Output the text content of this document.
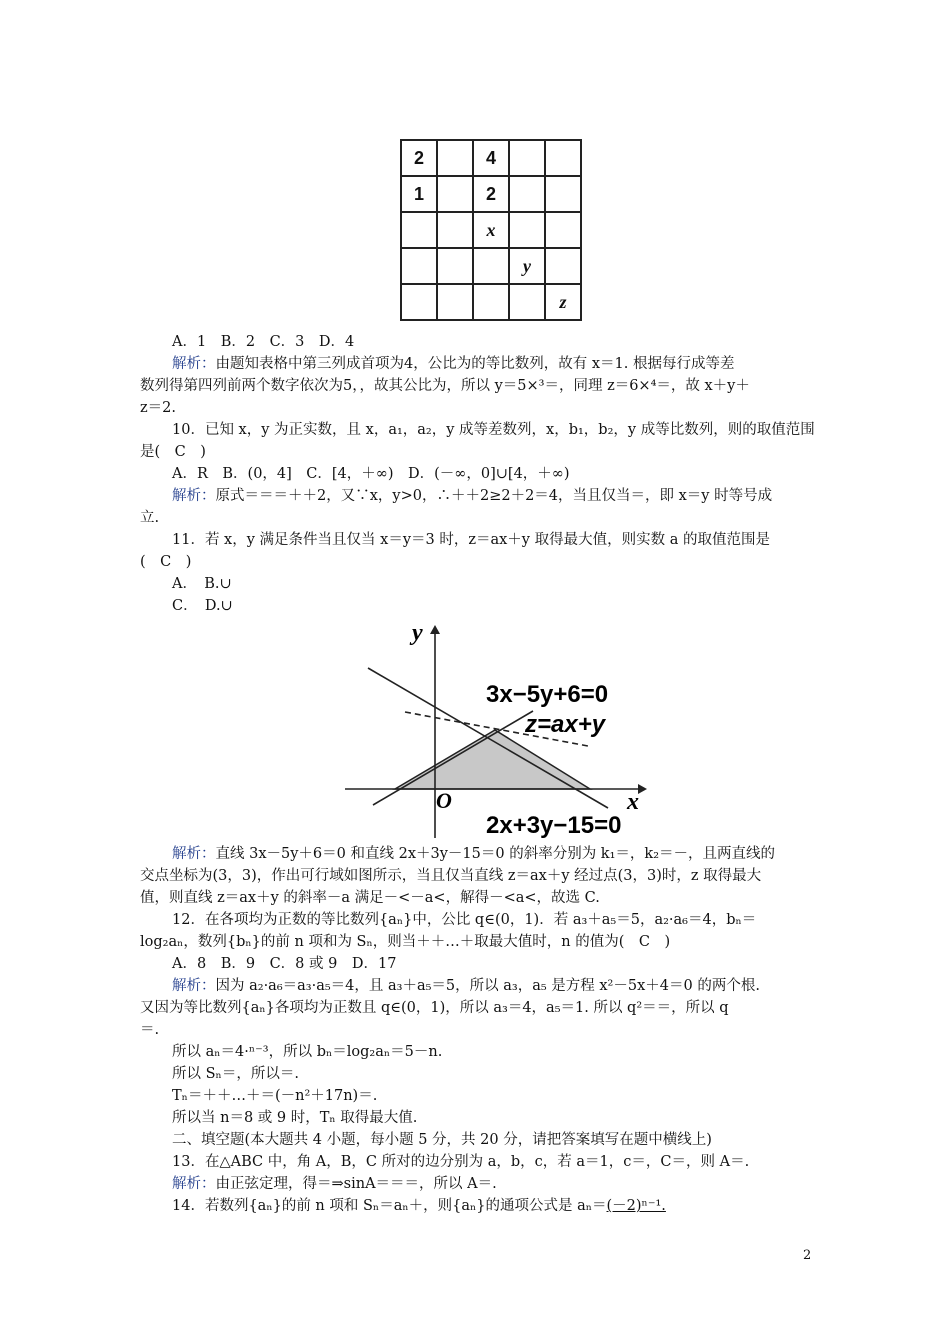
2		4		
1		2		
		x		
			y	
				z
A．1　B．2　C．3　D．4
解析：由题知表格中第三列成首项为4，公比为的等比数列，故有 x＝1. 根据每行成等差
数列得第四列前两个数字依次为5，，故其公比为，所以 y＝5×³＝，同理 z＝6×⁴＝，故 x＋y＋
z＝2.
10．已知 x，y 为正实数，且 x，a₁，a₂，y 成等差数列，x，b₁，b₂，y 成等比数列，则的取值范围
是(　C　)
A．R　B．(0，4]　C．[4，＋∞)　D．(－∞，0]∪[4，＋∞)
解析：原式＝＝＝＋＋2，又∵x，y>0，∴＋＋2≥2＋2＝4，当且仅当＝，即 x＝y 时等号成
立.
11．若 x，y 满足条件当且仅当 x＝y＝3 时，z＝ax＋y 取得最大值，则实数 a 的取值范围是
(　C　)
A．　B.∪
C．　D.∪
y
x
O
3x−5y+6=0
z=ax+y
2x+3y−15=0
解析：直线 3x－5y＋6＝0 和直线 2x＋3y－15＝0 的斜率分别为 k₁＝，k₂＝－，且两直线的
交点坐标为(3，3)，作出可行域如图所示，当且仅当直线 z＝ax＋y 经过点(3，3)时，z 取得最大
值，则直线 z＝ax＋y 的斜率－a 满足－<－a<，解得－<a<，故选 C.
12．在各项均为正数的等比数列{aₙ}中，公比 q∈(0，1)．若 a₃＋a₅＝5，a₂·a₆＝4，bₙ＝
log₂aₙ，数列{bₙ}的前 n 项和为 Sₙ，则当＋＋…＋取最大值时，n 的值为(　C　)
A．8　B．9　C．8 或 9　D．17
解析：因为 a₂·a₆＝a₃·a₅＝4，且 a₃＋a₅＝5，所以 a₃，a₅ 是方程 x²－5x＋4＝0 的两个根.
又因为等比数列{aₙ}各项均为正数且 q∈(0，1)，所以 a₃＝4，a₅＝1. 所以 q²＝＝，所以 q
＝.
所以 aₙ＝4·ⁿ⁻³，所以 bₙ＝log₂aₙ＝5－n.
所以 Sₙ＝，所以＝.
Tₙ＝＋＋…＋＝(－n²＋17n)＝.
所以当 n＝8 或 9 时，Tₙ 取得最大值.
二、填空题(本大题共 4 小题，每小题 5 分，共 20 分，请把答案填写在题中横线上)
13．在△ABC 中，角 A，B，C 所对的边分别为 a，b，c，若 a＝1，c＝，C＝，则 A＝.
解析：由正弦定理，得＝⇒sinA＝＝＝，所以 A＝.
14．若数列{aₙ}的前 n 项和 Sₙ＝aₙ＋，则{aₙ}的通项公式是 aₙ＝(－2)ⁿ⁻¹.
2
